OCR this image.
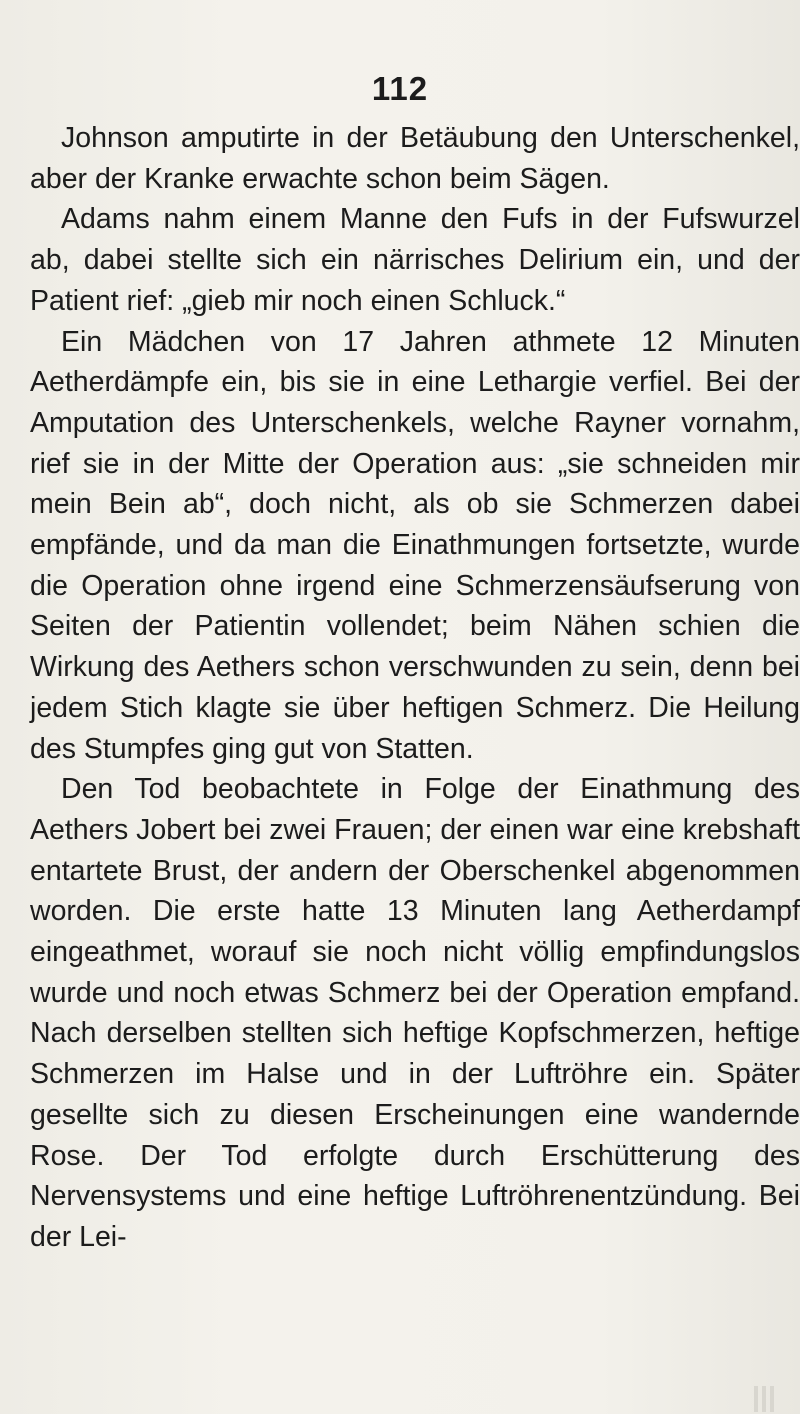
112

Johnson amputirte in der Betäubung den Unterschenkel, aber der Kranke erwachte schon beim Sägen.

Adams nahm einem Manne den Fufs in der Fufswurzel ab, dabei stellte sich ein närrisches Delirium ein, und der Patient rief: „gieb mir noch einen Schluck.“

Ein Mädchen von 17 Jahren athmete 12 Minuten Aetherdämpfe ein, bis sie in eine Lethargie verfiel. Bei der Amputation des Unterschenkels, welche Rayner vornahm, rief sie in der Mitte der Operation aus: „sie schneiden mir mein Bein ab“, doch nicht, als ob sie Schmerzen dabei empfände, und da man die Einathmungen fortsetzte, wurde die Operation ohne irgend eine Schmerzensäufserung von Seiten der Patientin vollendet; beim Nähen schien die Wirkung des Aethers schon verschwunden zu sein, denn bei jedem Stich klagte sie über heftigen Schmerz. Die Heilung des Stumpfes ging gut von Statten.

Den Tod beobachtete in Folge der Einathmung des Aethers Jobert bei zwei Frauen; der einen war eine krebshaft entartete Brust, der andern der Oberschenkel abgenommen worden. Die erste hatte 13 Minuten lang Aetherdampf eingeathmet, worauf sie noch nicht völlig empfindungslos wurde und noch etwas Schmerz bei der Operation empfand. Nach derselben stellten sich heftige Kopfschmerzen, heftige Schmerzen im Halse und in der Luftröhre ein. Später gesellte sich zu diesen Erscheinungen eine wandernde Rose. Der Tod erfolgte durch Erschütterung des Nervensystems und eine heftige Luftröhrenentzündung. Bei der Lei-
